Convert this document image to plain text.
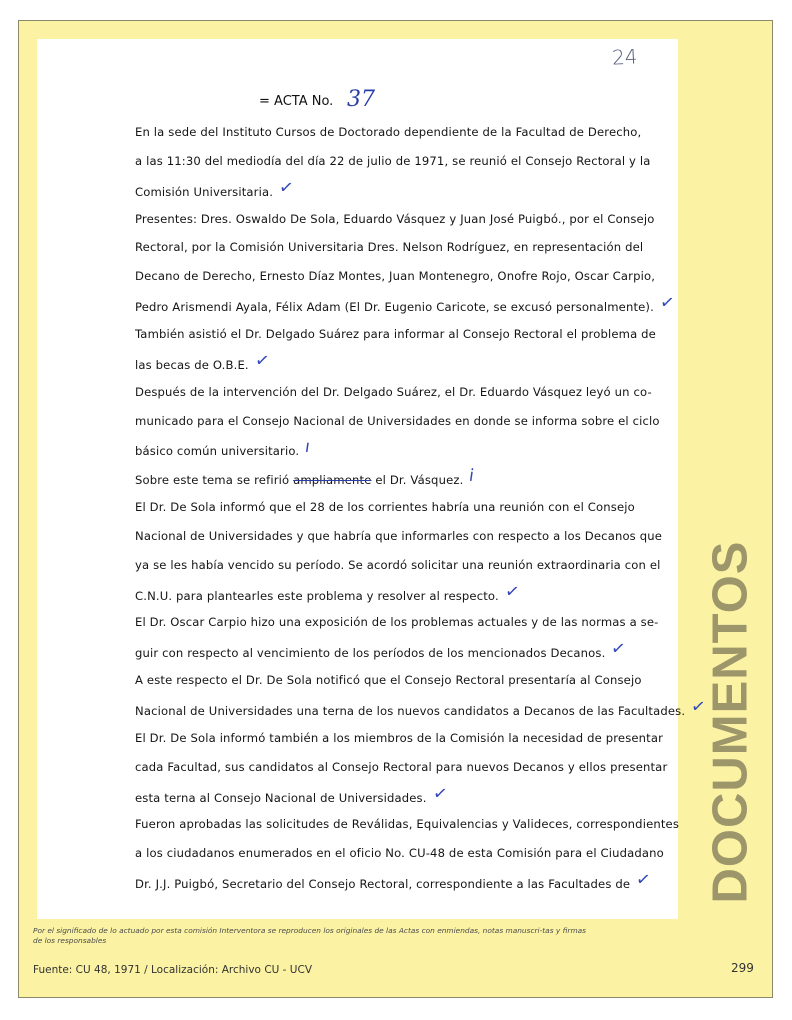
24
= ACTA No. 37
En la sede del Instituto Cursos de Doctorado dependiente de la Facultad de Derecho,
a las 11:30 del mediodía del día 22 de julio de 1971, se reunió el Consejo Rectoral y la
Comisión Universitaria. ✓
Presentes: Dres. Oswaldo De Sola, Eduardo Vásquez y Juan José Puigbó., por el Consejo
Rectoral, por la Comisión Universitaria Dres. Nelson Rodríguez, en representación del
Decano de Derecho, Ernesto Díaz Montes, Juan Montenegro, Onofre Rojo, Oscar Carpio,
Pedro Arismendi Ayala, Félix Adam (El Dr. Eugenio Caricote, se excusó personalmente). ✓
También asistió el Dr. Delgado Suárez para informar al Consejo Rectoral el problema de
las becas de O.B.E. ✓
Después de la intervención del Dr. Delgado Suárez, el Dr. Eduardo Vásquez leyó un co-
municado para el Consejo Nacional de Universidades en donde se informa sobre el ciclo
básico común universitario. ı
Sobre este tema se refirió ampliamente el Dr. Vásquez. i
El Dr. De Sola informó que el 28 de los corrientes habría una reunión con el Consejo
Nacional de Universidades y que habría que informarles con respecto a los Decanos que
ya se les había vencido su período. Se acordó solicitar una reunión extraordinaria con el
C.N.U. para plantearles este problema y resolver al respecto. ✓
El Dr. Oscar Carpio hizo una exposición de los problemas actuales y de las normas a se-
guir con respecto al vencimiento de los períodos de los mencionados Decanos. ✓
A este respecto el Dr. De Sola notificó que el Consejo Rectoral presentaría al Consejo
Nacional de Universidades una terna de los nuevos candidatos a Decanos de las Facultades. ✓
El Dr. De Sola informó también a los miembros de la Comisión la necesidad de presentar
cada Facultad, sus candidatos al Consejo Rectoral para nuevos Decanos y ellos presentar
esta terna al Consejo Nacional de Universidades. ✓
Fueron aprobadas las solicitudes de Reválidas, Equivalencias y Valideces, correspondientes
a los ciudadanos enumerados en el oficio No. CU-48 de esta Comisión para el Ciudadano
Dr. J.J. Puigbó, Secretario del Consejo Rectoral, correspondiente a las Facultades de ✓ DOCUMENTOS
Por el significado de lo actuado por esta comisión Interventora se reproducen los originales de las Actas con enmiendas, notas manuscri-tas y firmas de los responsables
Fuente: CU 48, 1971 / Localización: Archivo CU - UCV	299
